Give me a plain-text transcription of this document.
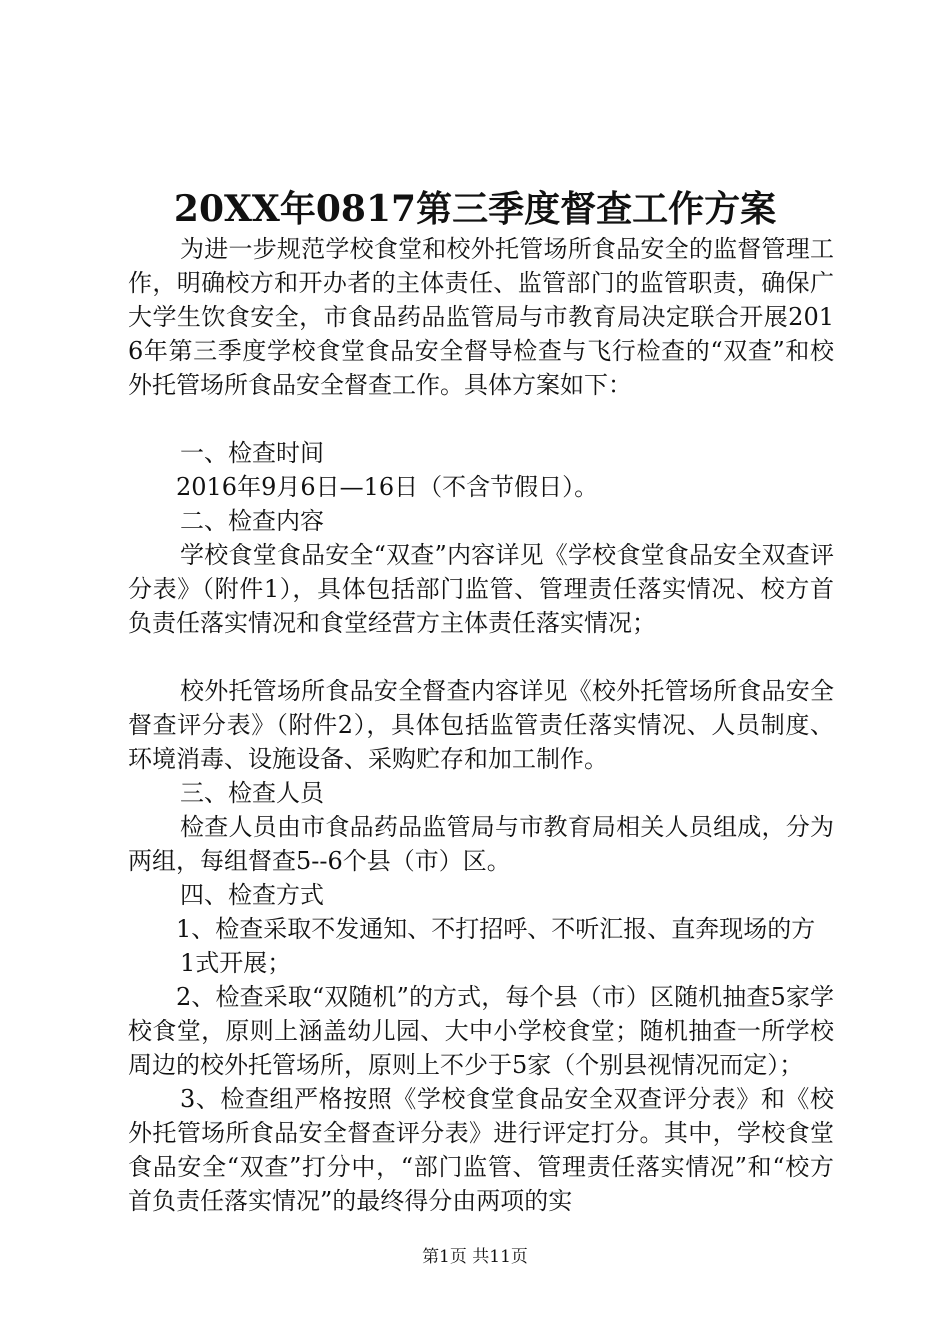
20XX年0817第三季度督查工作方案

为进一步规范学校食堂和校外托管场所食品安全的监督管理工作，明确校方和开办者的主体责任、监管部门的监管职责，确保广大学生饮食安全，市食品药品监管局与市教育局决定联合开展2016年第三季度学校食堂食品安全督导检查与飞行检查的“双查”和校外托管场所食品安全督查工作。具体方案如下：

一、检查时间

2016年9月6日—16日（不含节假日）。

二、检查内容

学校食堂食品安全“双查”内容详见《学校食堂食品安全双查评分表》（附件1），具体包括部门监管、管理责任落实情况、校方首负责任落实情况和食堂经营方主体责任落实情况；

校外托管场所食品安全督查内容详见《校外托管场所食品安全督查评分表》（附件2），具体包括监管责任落实情况、人员制度、环境消毒、设施设备、采购贮存和加工制作。

三、检查人员

检查人员由市食品药品监管局与市教育局相关人员组成，分为两组，每组督查5--6个县（市）区。

四、检查方式

1、检查采取不发通知、不打招呼、不听汇报、直奔现场的方

1式开展；

2、检查采取“双随机”的方式，每个县（市）区随机抽查5家学校食堂，原则上涵盖幼儿园、大中小学校食堂；随机抽查一所学校周边的校外托管场所，原则上不少于5家（个别县视情况而定）；

3、检查组严格按照《学校食堂食品安全双查评分表》和《校外托管场所食品安全督查评分表》进行评定打分。其中，学校食堂食品安全“双查”打分中，“部门监管、管理责任落实情况”和“校方首负责任落实情况”的最终得分由两项的实

第1页 共11页
